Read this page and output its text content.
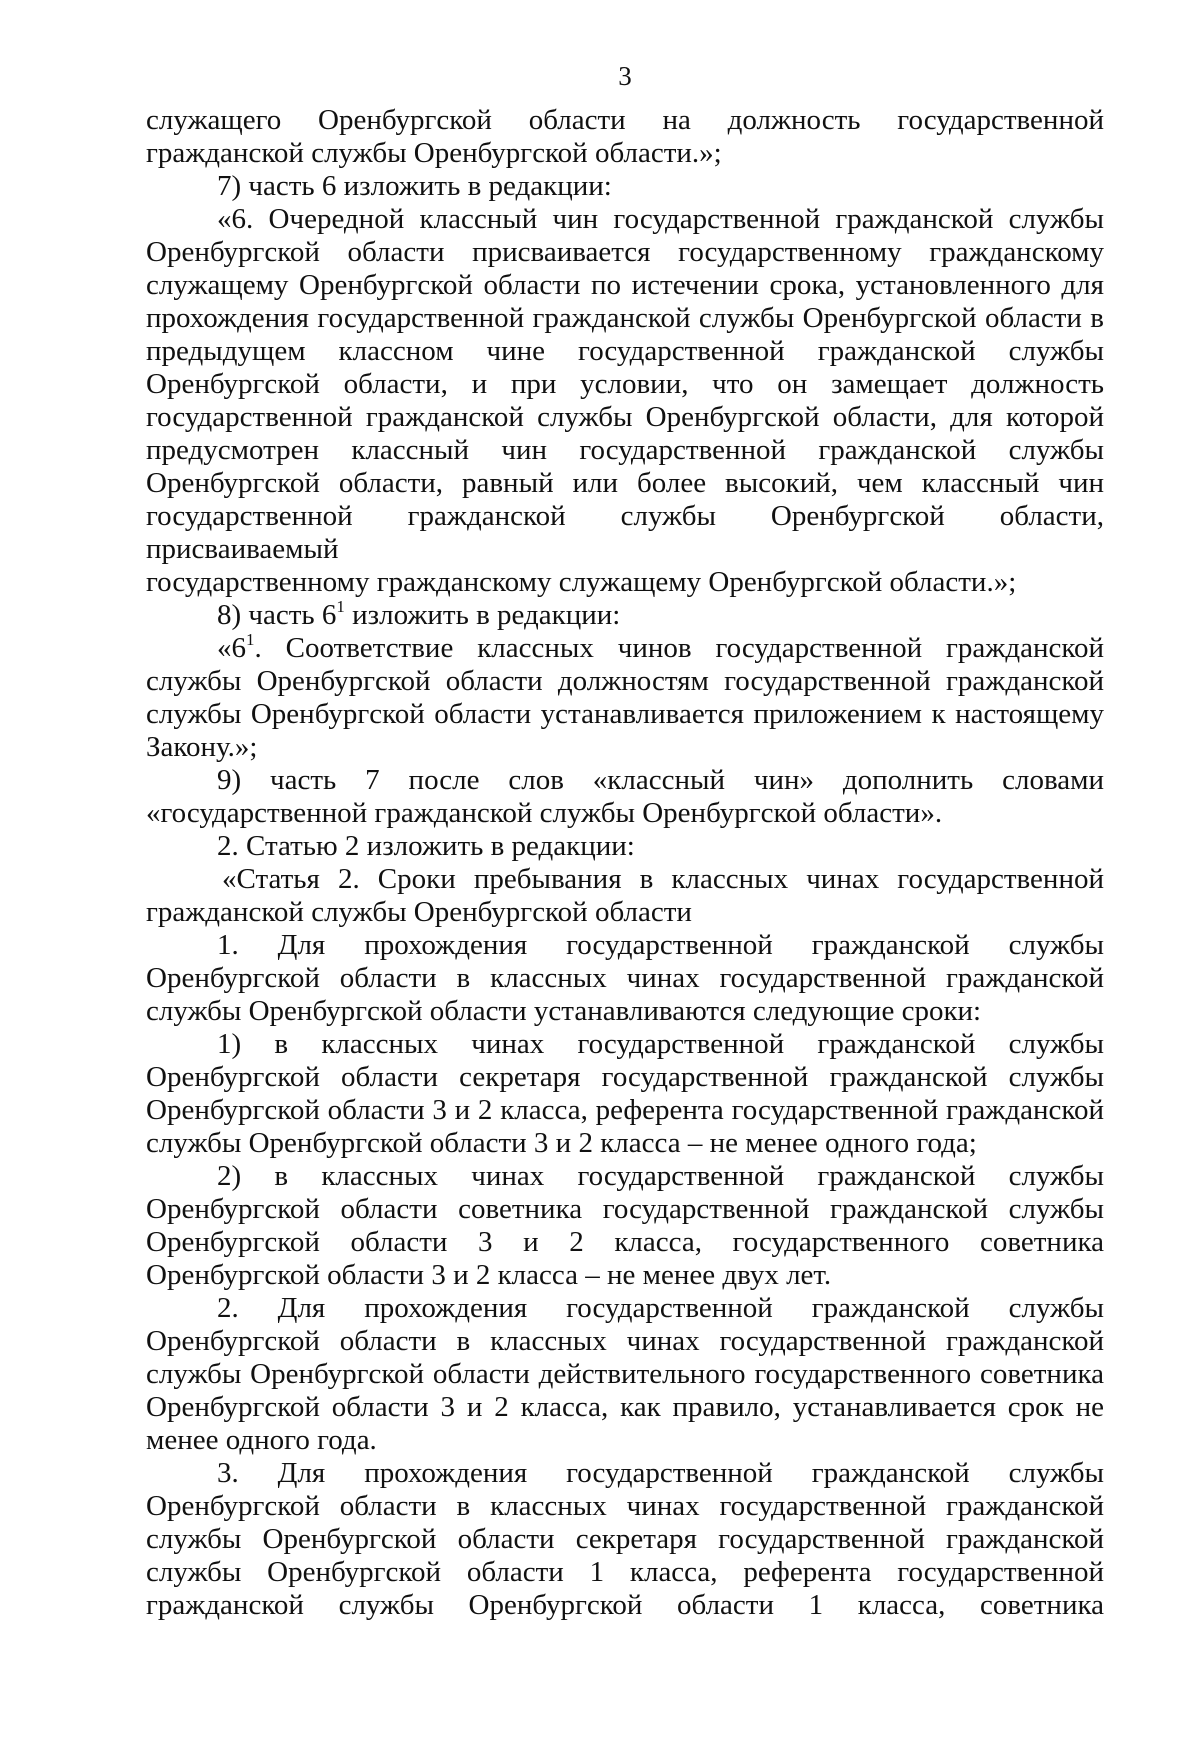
3
служащего Оренбургской области на должность государственной
гражданской службы Оренбургской области.»;
7) часть 6 изложить в редакции:
«6. Очередной классный чин государственной гражданской службы
Оренбургской области присваивается государственному гражданскому
служащему Оренбургской области по истечении срока, установленного для
прохождения государственной гражданской службы Оренбургской области в
предыдущем классном чине государственной гражданской службы
Оренбургской области, и при условии, что он замещает должность
государственной гражданской службы Оренбургской области, для которой
предусмотрен классный чин государственной гражданской службы
Оренбургской области, равный или более высокий, чем классный чин
государственной гражданской службы Оренбургской области, присваиваемый
государственному гражданскому служащему Оренбургской области.»;
8) часть $6^1$ изложить в редакции:
«$6^1$. Соответствие классных чинов государственной гражданской
службы Оренбургской области должностям государственной гражданской
службы Оренбургской области устанавливается приложением к настоящему
Закону.»;
9) часть 7 после слов «классный чин» дополнить словами
«государственной гражданской службы Оренбургской области».
2. Статью 2 изложить в редакции:
«Статья 2. Сроки пребывания в классных чинах государственной
гражданской службы Оренбургской области
1. Для прохождения государственной гражданской службы
Оренбургской области в классных чинах государственной гражданской
службы Оренбургской области устанавливаются следующие сроки:
1) в классных чинах государственной гражданской службы
Оренбургской области секретаря государственной гражданской службы
Оренбургской области 3 и 2 класса, референта государственной гражданской
службы Оренбургской области 3 и 2 класса – не менее одного года;
2) в классных чинах государственной гражданской службы
Оренбургской области советника государственной гражданской службы
Оренбургской области 3 и 2 класса, государственного советника
Оренбургской области 3 и 2 класса – не менее двух лет.
2. Для прохождения государственной гражданской службы
Оренбургской области в классных чинах государственной гражданской
службы Оренбургской области действительного государственного советника
Оренбургской области 3 и 2 класса, как правило, устанавливается срок не
менее одного года.
3. Для прохождения государственной гражданской службы
Оренбургской области в классных чинах государственной гражданской
службы Оренбургской области секретаря государственной гражданской
службы Оренбургской области 1 класса, референта государственной
гражданской службы Оренбургской области 1 класса, советника
